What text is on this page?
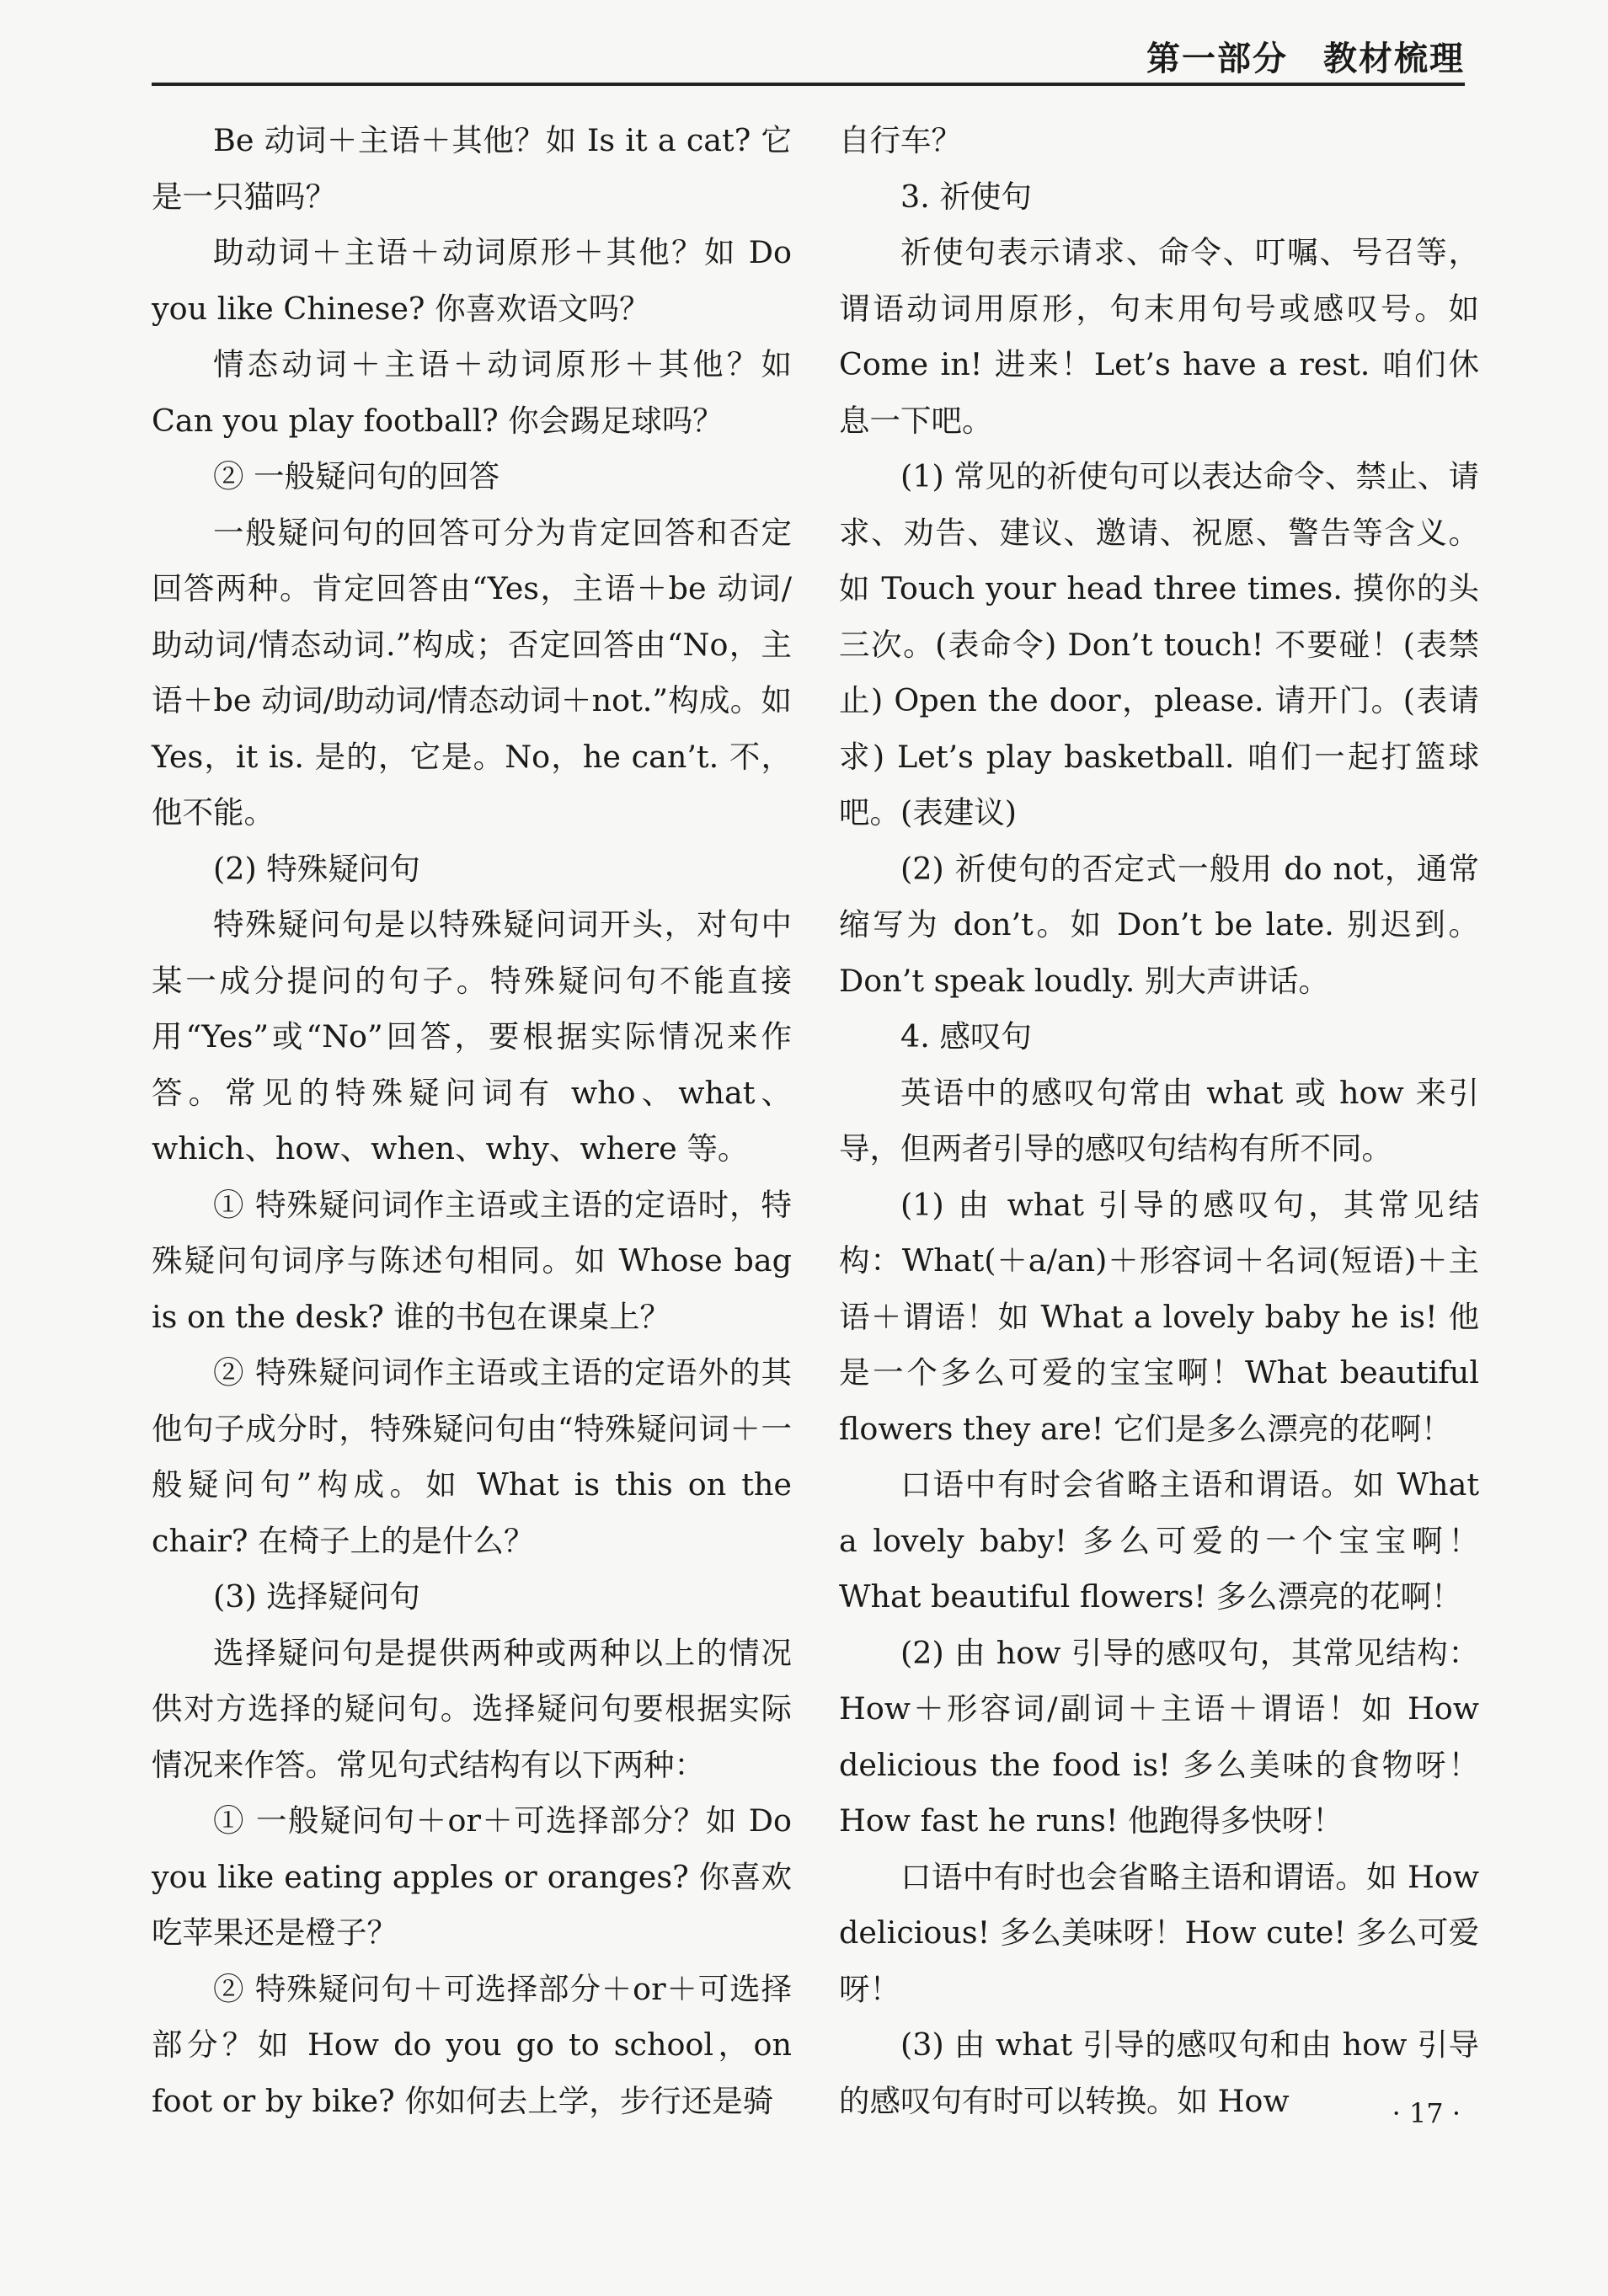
第一部分　教材梳理

Be 动词＋主语＋其他？如 Is it a cat? 它是一只猫吗？

助动词＋主语＋动词原形＋其他？如 Do you like Chinese? 你喜欢语文吗？

情态动词＋主语＋动词原形＋其他？如 Can you play football? 你会踢足球吗？

② 一般疑问句的回答

一般疑问句的回答可分为肯定回答和否定回答两种。肯定回答由“Yes，主语＋be 动词/助动词/情态动词.”构成；否定回答由“No，主语＋be 动词/助动词/情态动词＋not.”构成。如 Yes，it is. 是的，它是。No，he can’t. 不，他不能。

(2) 特殊疑问句

特殊疑问句是以特殊疑问词开头，对句中某一成分提问的句子。特殊疑问句不能直接用“Yes”或“No”回答，要根据实际情况来作答。常见的特殊疑问词有 who、what、which、how、when、why、where 等。

① 特殊疑问词作主语或主语的定语时，特殊疑问句词序与陈述句相同。如 Whose bag is on the desk? 谁的书包在课桌上？

② 特殊疑问词作主语或主语的定语外的其他句子成分时，特殊疑问句由“特殊疑问词＋一般疑问句”构成。如 What is this on the chair? 在椅子上的是什么？

(3) 选择疑问句

选择疑问句是提供两种或两种以上的情况供对方选择的疑问句。选择疑问句要根据实际情况来作答。常见句式结构有以下两种：

① 一般疑问句＋or＋可选择部分？如 Do you like eating apples or oranges? 你喜欢吃苹果还是橙子？

② 特殊疑问句＋可选择部分＋or＋可选择部分？如 How do you go to school，on foot or by bike? 你如何去上学，步行还是骑

自行车？

3. 祈使句

祈使句表示请求、命令、叮嘱、号召等，谓语动词用原形，句末用句号或感叹号。如 Come in! 进来！Let’s have a rest. 咱们休息一下吧。

(1) 常见的祈使句可以表达命令、禁止、请求、劝告、建议、邀请、祝愿、警告等含义。如 Touch your head three times. 摸你的头三次。(表命令) Don’t touch! 不要碰！(表禁止) Open the door，please. 请开门。(表请求) Let’s play basketball. 咱们一起打篮球吧。(表建议)

(2) 祈使句的否定式一般用 do not，通常缩写为 don’t。如 Don’t be late. 别迟到。Don’t speak loudly. 别大声讲话。

4. 感叹句

英语中的感叹句常由 what 或 how 来引导，但两者引导的感叹句结构有所不同。

(1) 由 what 引导的感叹句，其常见结构：What(＋a/an)＋形容词＋名词(短语)＋主语＋谓语！如 What a lovely baby he is! 他是一个多么可爱的宝宝啊！What beautiful flowers they are! 它们是多么漂亮的花啊！

口语中有时会省略主语和谓语。如 What a lovely baby! 多么可爱的一个宝宝啊！What beautiful flowers! 多么漂亮的花啊！

(2) 由 how 引导的感叹句，其常见结构：How＋形容词/副词＋主语＋谓语！如 How delicious the food is! 多么美味的食物呀！How fast he runs! 他跑得多快呀！

口语中有时也会省略主语和谓语。如 How delicious! 多么美味呀！How cute! 多么可爱呀！

(3) 由 what 引导的感叹句和由 how 引导的感叹句有时可以转换。如 How	· 17 ·
